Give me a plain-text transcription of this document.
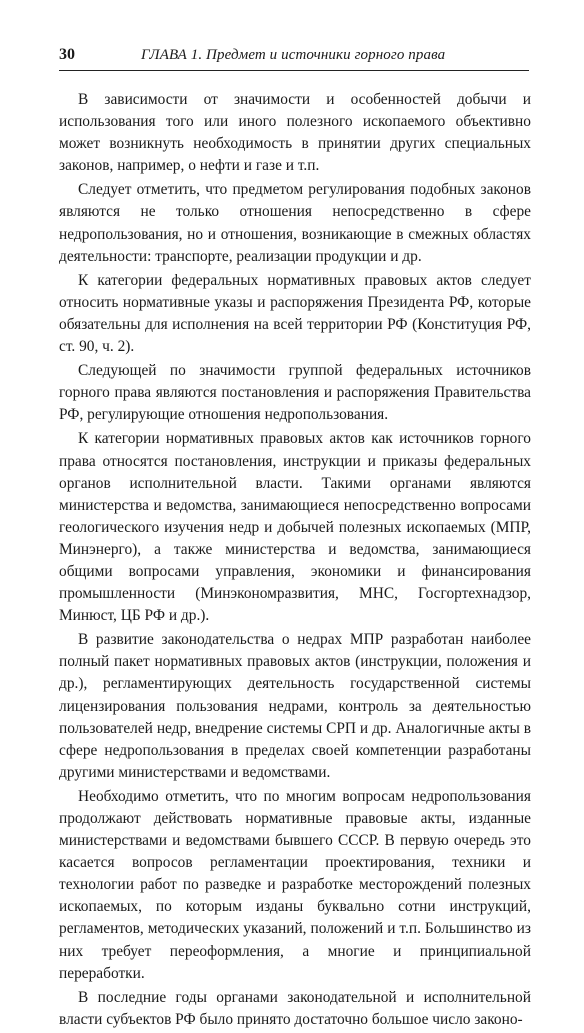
30	ГЛАВА 1. Предмет и источники горного права

В зависимости от значимости и особенностей добычи и использования того или иного полезного ископаемого объективно может возникнуть необходимость в принятии других специальных законов, например, о нефти и газе и т.п.

Следует отметить, что предметом регулирования подобных законов являются не только отношения непосредственно в сфере недропользования, но и отношения, возникающие в смежных областях деятельности: транспорте, реализации продукции и др.

К категории федеральных нормативных правовых актов следует относить нормативные указы и распоряжения Президента РФ, которые обязательны для исполнения на всей территории РФ (Конституция РФ, ст. 90, ч. 2).

Следующей по значимости группой федеральных источников горного права являются постановления и распоряжения Правительства РФ, регулирующие отношения недропользования.

К категории нормативных правовых актов как источников горного права относятся постановления, инструкции и приказы федеральных органов исполнительной власти. Такими органами являются министерства и ведомства, занимающиеся непосредственно вопросами геологического изучения недр и добычей полезных ископаемых (МПР, Минэнерго), а также министерства и ведомства, занимающиеся общими вопросами управления, экономики и финансирования промышленности (Минэкономразвития, МНС, Госгортехнадзор, Минюст, ЦБ РФ и др.).

В развитие законодательства о недрах МПР разработан наиболее полный пакет нормативных правовых актов (инструкции, положения и др.), регламентирующих деятельность государственной системы лицензирования пользования недрами, контроль за деятельностью пользователей недр, внедрение системы СРП и др. Аналогичные акты в сфере недропользования в пределах своей компетенции разработаны другими министерствами и ведомствами.

Необходимо отметить, что по многим вопросам недропользования продолжают действовать нормативные правовые акты, изданные министерствами и ведомствами бывшего СССР. В первую очередь это касается вопросов регламентации проектирования, техники и технологии работ по разведке и разработке месторождений полезных ископаемых, по которым изданы буквально сотни инструкций, регламентов, методических указаний, положений и т.п. Большинство из них требует переоформления, а многие и принципиальной переработки.

В последние годы органами законодательной и исполнительной власти субъектов РФ было принято достаточно большое число законо-
